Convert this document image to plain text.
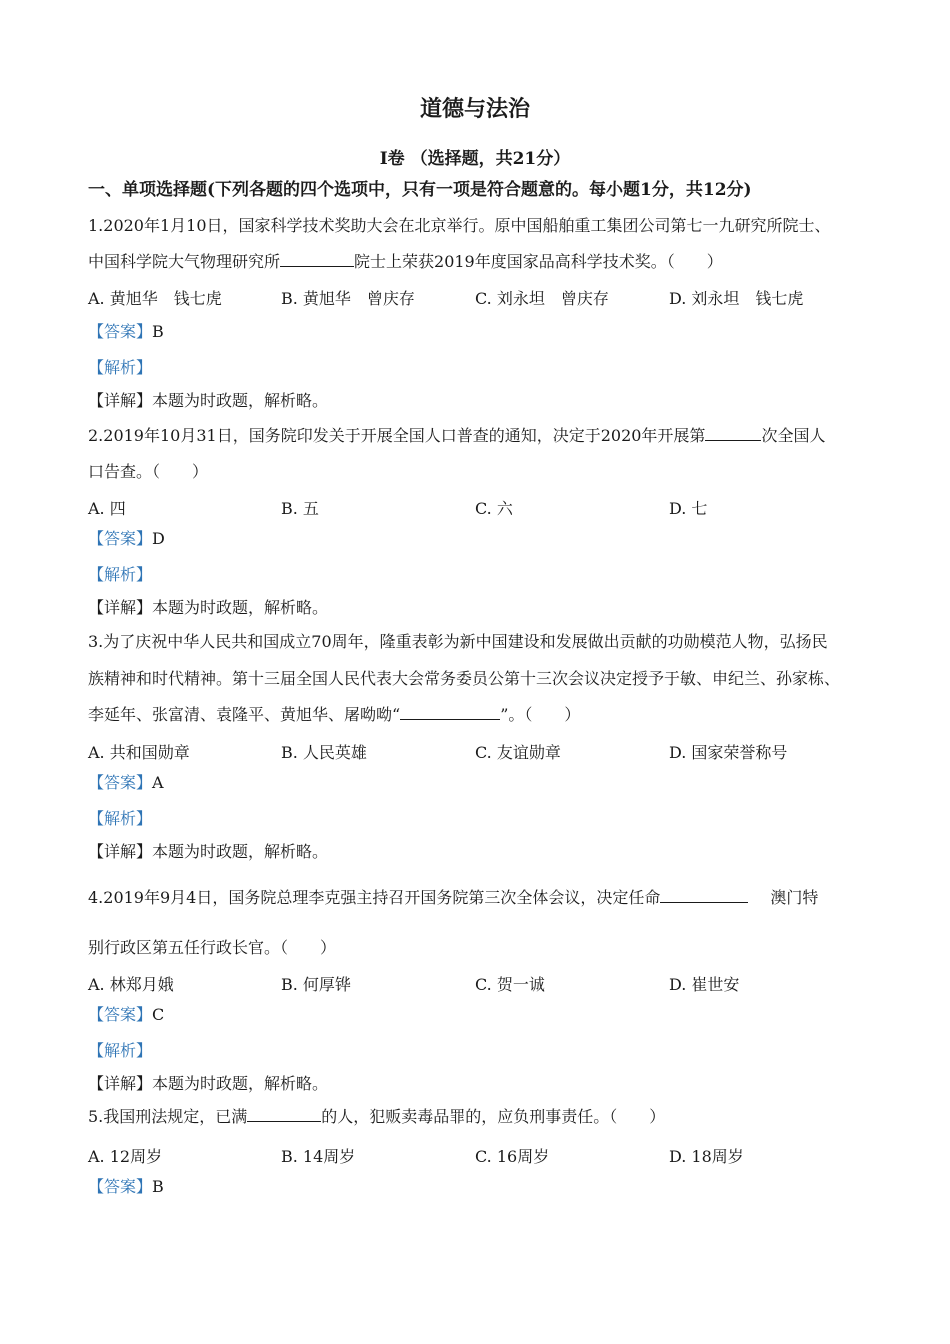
道德与法治
Ⅰ卷 （选择题，共21分）
一、单项选择题(下列各题的四个选项中，只有一项是符合题意的。每小题1分，共12分)
1.2020年1月10日，国家科学技术奖助大会在北京举行。原中国船舶重工集团公司第七一九研究所院士、
中国科学院大气物理研究所	院士上荣获2019年度国家品高科学技术奖。（　　）
A. 黄旭华　钱七虎	B. 黄旭华　曾庆存	C. 刘永坦　曾庆存	D. 刘永坦　钱七虎
【答案】B
【解析】
【详解】本题为时政题，解析略。
2.2019年10月31日，国务院印发关于开展全国人口普查的通知，决定于2020年开展第	次全国人
口告查。（　　）
A. 四	B. 五	C. 六	D. 七
【答案】D
【解析】
【详解】本题为时政题，解析略。
3.为了庆祝中华人民共和国成立70周年，隆重表彰为新中国建设和发展做出贡献的功勋模范人物，弘扬民
族精神和时代精神。第十三届全国人民代表大会常务委员公第十三次会议决定授予于敏、申纪兰、孙家栋、
李延年、张富清、袁隆平、黄旭华、屠呦呦“	”。（　　）
A. 共和国勋章	B. 人民英雄	C. 友谊勋章	D. 国家荣誉称号
【答案】A
【解析】
【详解】本题为时政题，解析略。
4.2019年9月4日，国务院总理李克强主持召开国务院第三次全体会议，决定任命	澳门特
别行政区第五任行政长官。（　　）
A. 林郑月娥	B. 何厚铧	C. 贺一诚	D. 崔世安
【答案】C
【解析】
【详解】本题为时政题，解析略。
5.我国刑法规定，已满	的人，犯贩卖毒品罪的，应负刑事责任。（　　）
A. 12周岁	B. 14周岁	C. 16周岁	D. 18周岁
【答案】B
